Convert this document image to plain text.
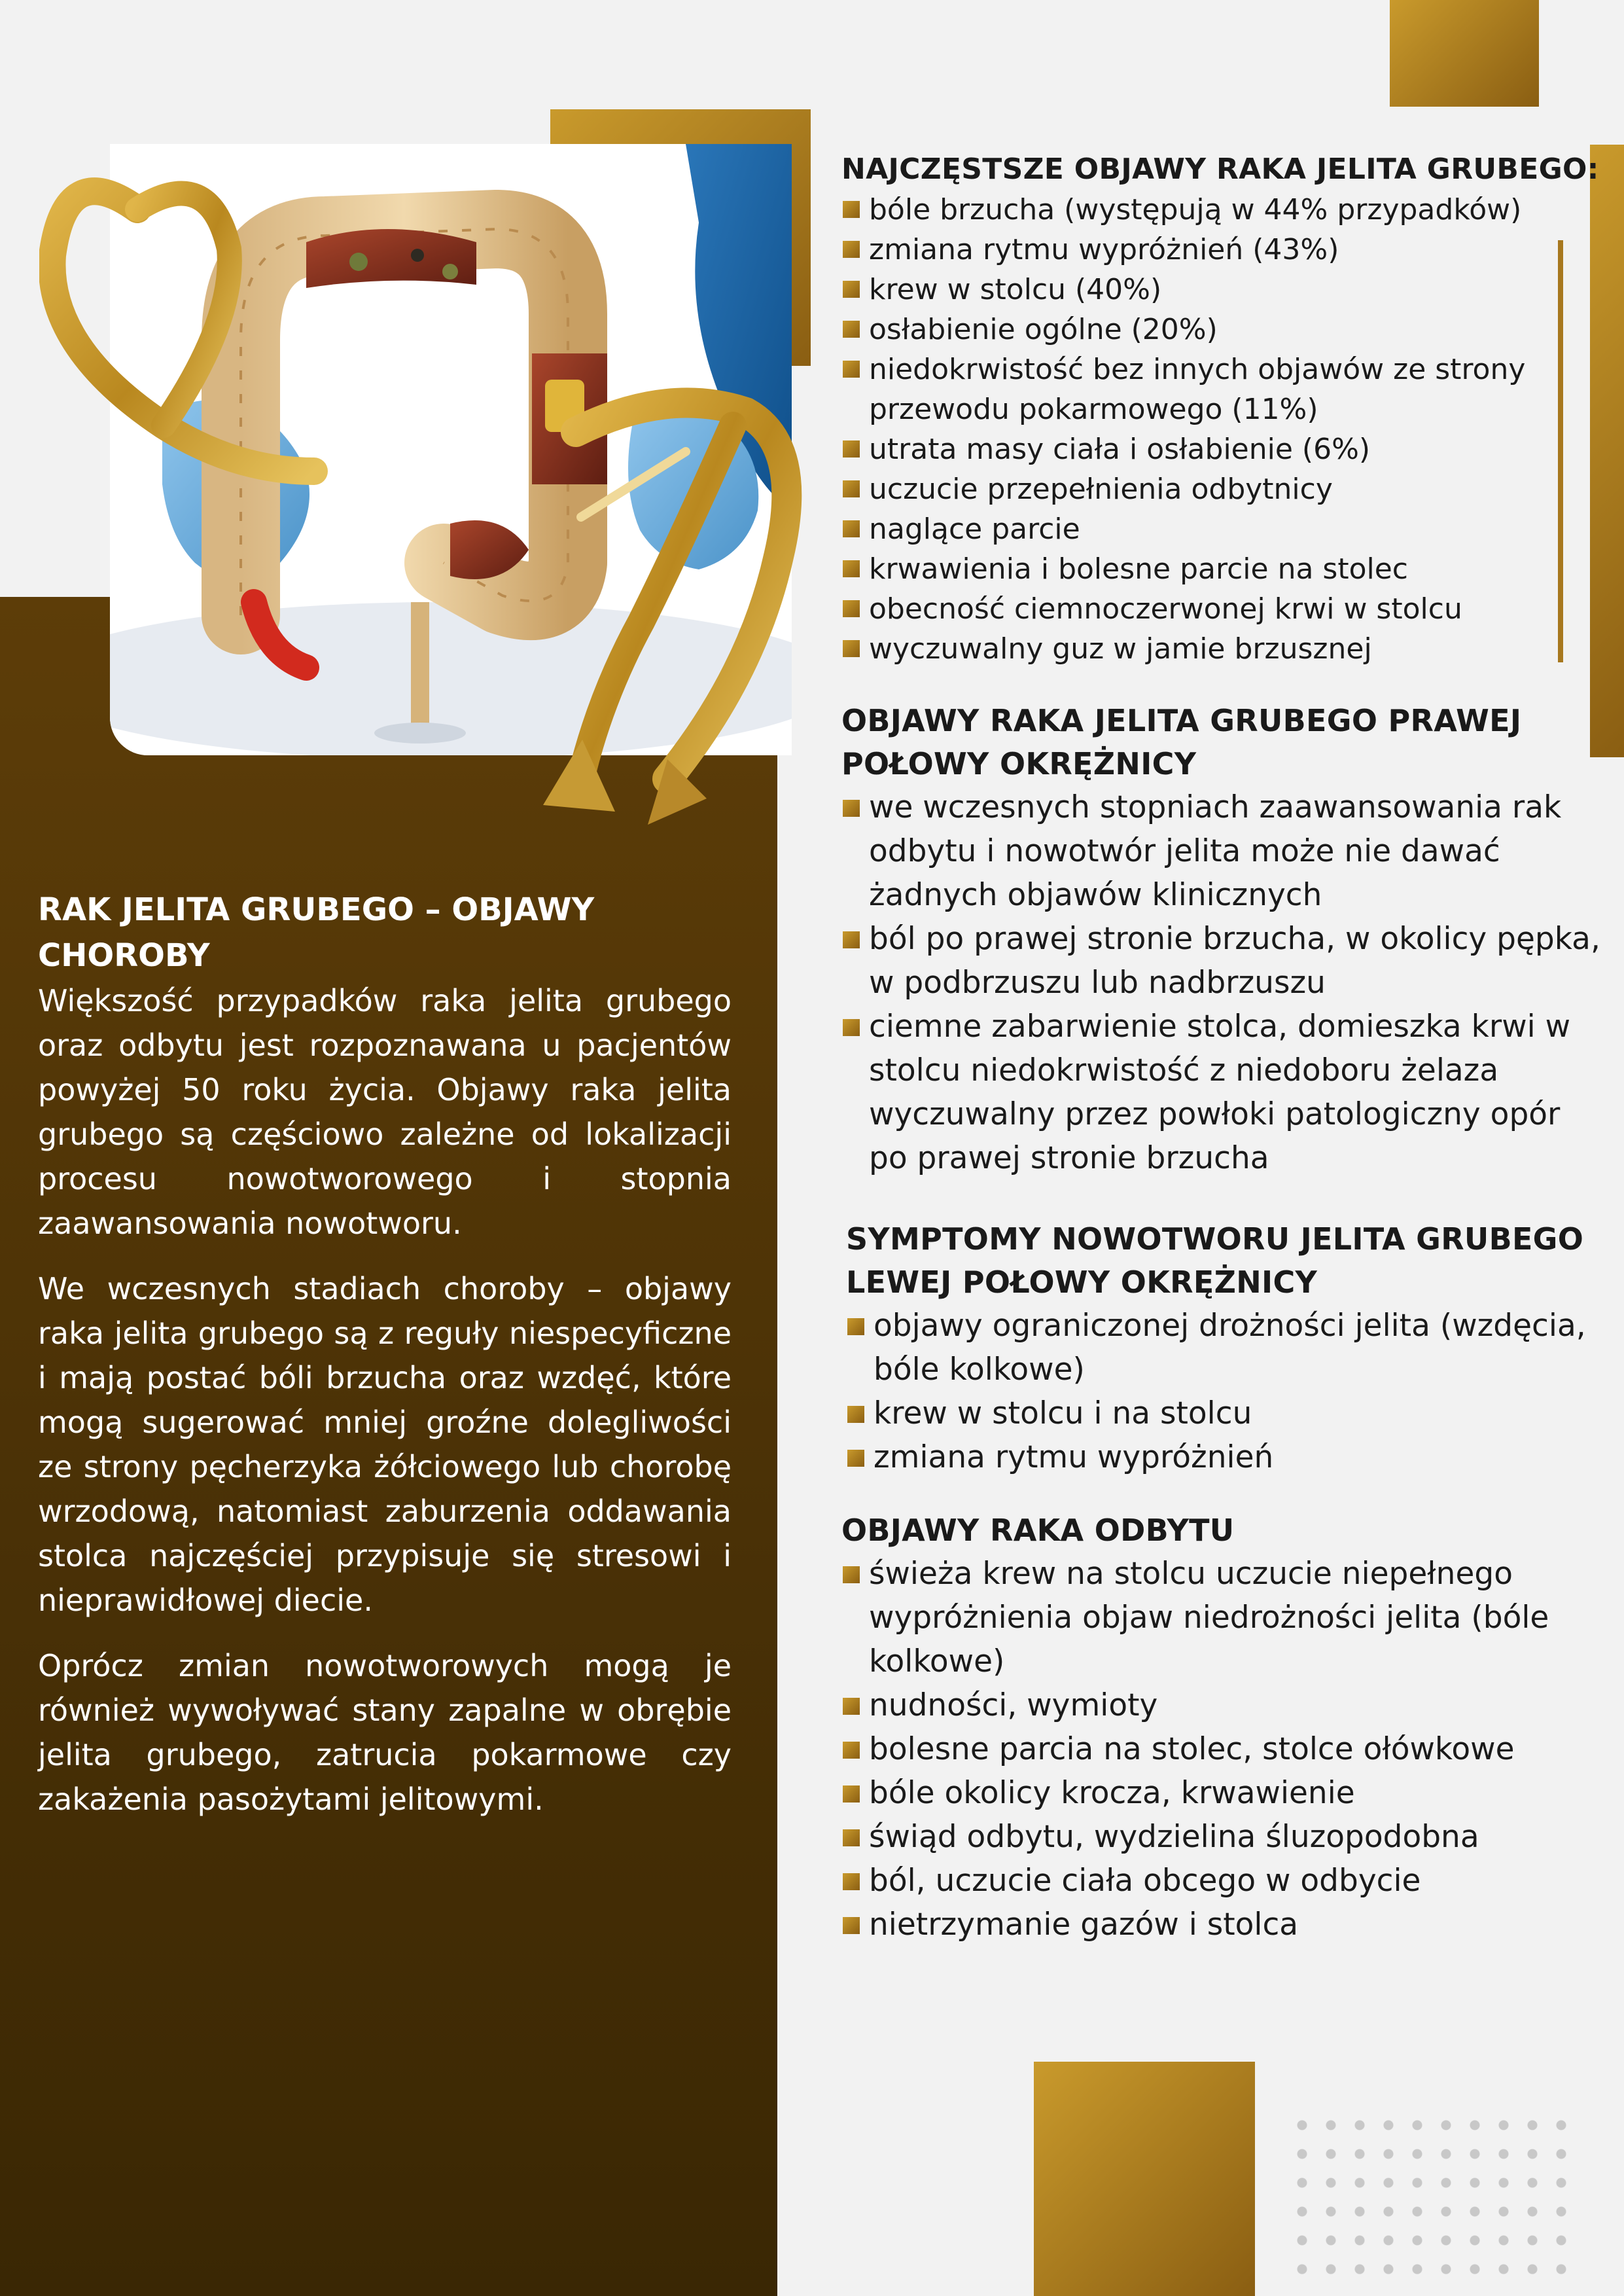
RAK JELITA GRUBEGO – OBJAWY CHOROBY

Większość przypadków raka jelita grubego oraz odbytu jest rozpoznawana u pacjentów powyżej 50 roku życia. Objawy raka jelita grubego są częściowo zależne od lokalizacji procesu nowotworowego i stopnia zaawansowania nowotworu.

We wczesnych stadiach choroby – objawy raka jelita grubego są z reguły niespecyficzne i mają postać bóli brzucha oraz wzdęć, które mogą sugerować mniej groźne dolegliwości ze strony pęcherzyka żółciowego lub chorobę wrzodową, natomiast zaburzenia oddawania stolca najczęściej przypisuje się stresowi i nieprawidłowej diecie.

Oprócz zmian nowotworowych mogą je również wywoływać stany zapalne w obrębie jelita grubego, zatrucia pokarmowe czy zakażenia pasożytami jelitowymi.

NAJCZĘSTSZE OBJAWY RAKA JELITA GRUBEGO:
bóle brzucha (występują w 44% przypadków)
zmiana rytmu wypróżnień (43%)
krew w stolcu (40%)
osłabienie ogólne (20%)
niedokrwistość bez innych objawów ze strony przewodu pokarmowego (11%)
utrata masy ciała i osłabienie (6%)
uczucie przepełnienia odbytnicy
naglące parcie
krwawienia i bolesne parcie na stolec
obecność ciemnoczerwonej krwi w stolcu
wyczuwalny guz w jamie brzusznej
OBJAWY RAKA JELITA GRUBEGO PRAWEJ
POŁOWY OKRĘŻNICY
we wczesnych stopniach zaawansowania rak odbytu i nowotwór jelita może nie dawać żadnych objawów klinicznych
ból po prawej stronie brzucha, w okolicy pępka, w podbrzuszu lub nadbrzuszu
ciemne zabarwienie stolca, domieszka krwi w stolcu niedokrwistość z niedoboru żelaza wyczuwalny przez powłoki patologiczny opór po prawej stronie brzucha
SYMPTOMY NOWOTWORU JELITA GRUBEGO
LEWEJ POŁOWY OKRĘŻNICY
objawy ograniczonej drożności jelita (wzdęcia, bóle kolkowe)
krew w stolcu i na stolcu
zmiana rytmu wypróżnień
OBJAWY RAKA ODBYTU
świeża krew na stolcu uczucie niepełnego wypróżnienia objaw niedrożności jelita (bóle kolkowe)
nudności, wymioty
bolesne parcia na stolec, stolce ołówkowe
bóle okolicy krocza, krwawienie
świąd odbytu, wydzielina śluzopodobna
ból, uczucie ciała obcego w odbycie
nietrzymanie gazów i stolca
